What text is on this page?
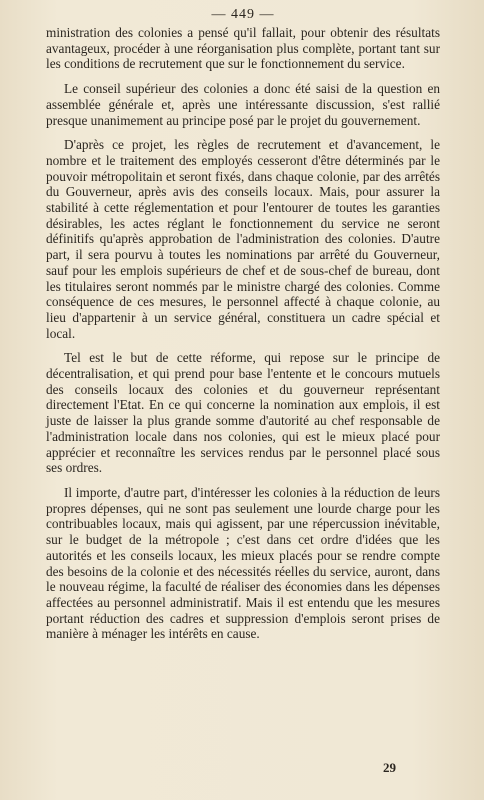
— 449 —

ministration des colonies a pensé qu'il fallait, pour obtenir des résultats avantageux, procéder à une réorganisation plus complète, portant tant sur les conditions de recrutement que sur le fonctionnement du service.

Le conseil supérieur des colonies a donc été saisi de la question en assemblée générale et, après une intéressante discussion, s'est rallié presque unanimement au principe posé par le projet du gouvernement.

D'après ce projet, les règles de recrutement et d'avancement, le nombre et le traitement des employés cesseront d'être déterminés par le pouvoir métropolitain et seront fixés, dans chaque colonie, par des arrêtés du Gouverneur, après avis des conseils locaux. Mais, pour assurer la stabilité à cette réglementation et pour l'entourer de toutes les garanties désirables, les actes réglant le fonctionnement du service ne seront définitifs qu'après approbation de l'administration des colonies. D'autre part, il sera pourvu à toutes les nominations par arrêté du Gouverneur, sauf pour les emplois supérieurs de chef et de sous-chef de bureau, dont les titulaires seront nommés par le ministre chargé des colonies. Comme conséquence de ces mesures, le personnel affecté à chaque colonie, au lieu d'appartenir à un service général, constituera un cadre spécial et local.

Tel est le but de cette réforme, qui repose sur le principe de décentralisation, et qui prend pour base l'entente et le concours mutuels des conseils locaux des colonies et du gouverneur représentant directement l'Etat. En ce qui concerne la nomination aux emplois, il est juste de laisser la plus grande somme d'autorité au chef responsable de l'administration locale dans nos colonies, qui est le mieux placé pour apprécier et reconnaître les services rendus par le personnel placé sous ses ordres.

Il importe, d'autre part, d'intéresser les colonies à la réduction de leurs propres dépenses, qui ne sont pas seulement une lourde charge pour les contribuables locaux, mais qui agissent, par une répercussion inévitable, sur le budget de la métropole ; c'est dans cet ordre d'idées que les autorités et les conseils locaux, les mieux placés pour se rendre compte des besoins de la colonie et des nécessités réelles du service, auront, dans le nouveau régime, la faculté de réaliser des économies dans les dépenses affectées au personnel administratif. Mais il est entendu que les mesures portant réduction des cadres et suppression d'emplois seront prises de manière à ménager les intérêts en cause.

29
